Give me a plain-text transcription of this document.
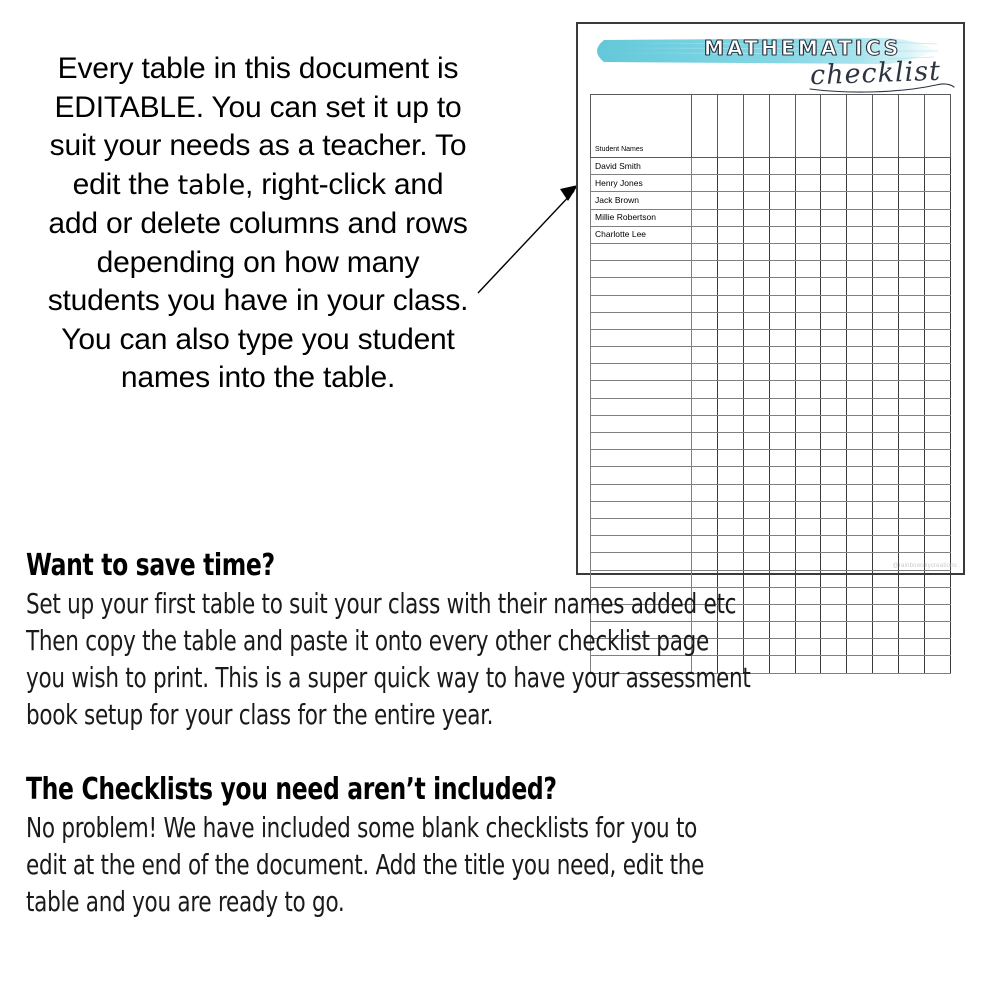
Every table in this document is
EDITABLE. You can set it up to
suit your needs as a teacher. To
edit the table, right-click and
add or delete columns and rows
depending on how many
students you have in your class.
You can also type you student
names into the table.
MATHEMATICS
checklist
Student Names										
David Smith										
Henry Jones										
Jack Brown										
Millie Robertson										
Charlotte Lee										

@rainbowskycreations
Want to save time?
Set up your first table to suit your class with their names added etc
Then copy the table and paste it onto every other checklist page
you wish to print. This is a super quick way to have your assessment
book setup for your class for the entire year.
The Checklists you need aren’t included?
No problem! We have included some blank checklists for you to
edit at the end of the document. Add the title you need, edit the
table and you are ready to go.
